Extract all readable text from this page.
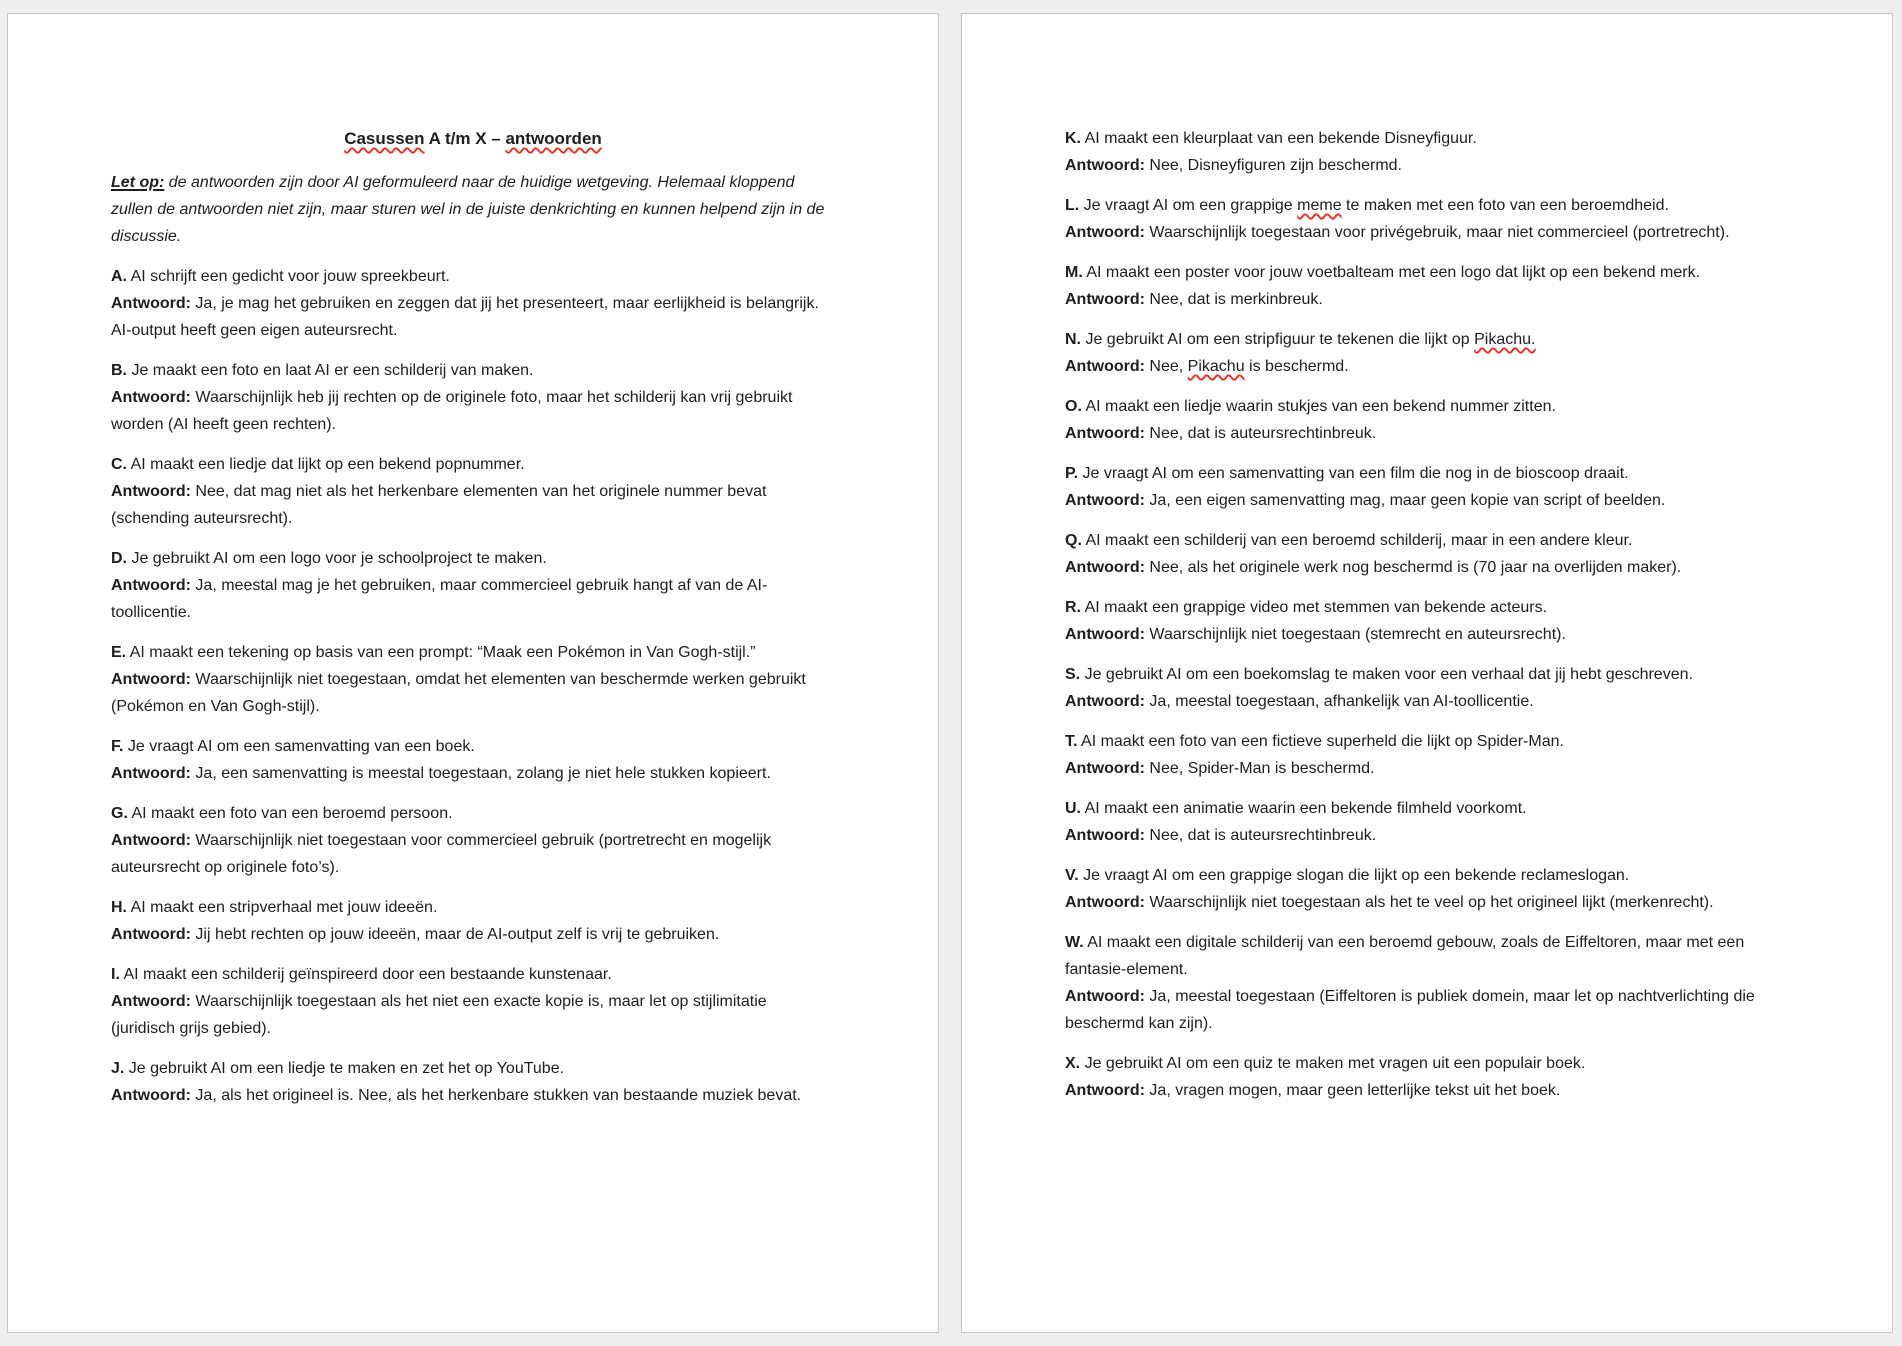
Casussen A t/m X – antwoorden

Let op: de antwoorden zijn door AI geformuleerd naar de huidige wetgeving. Helemaal kloppend zullen de antwoorden niet zijn, maar sturen wel in de juiste denkrichting en kunnen helpend zijn in de discussie.

A. AI schrijft een gedicht voor jouw spreekbeurt.

Antwoord: Ja, je mag het gebruiken en zeggen dat jij het presenteert, maar eerlijkheid is belangrijk. AI-output heeft geen eigen auteursrecht.

B. Je maakt een foto en laat AI er een schilderij van maken.

Antwoord: Waarschijnlijk heb jij rechten op de originele foto, maar het schilderij kan vrij gebruikt worden (AI heeft geen rechten).

C. AI maakt een liedje dat lijkt op een bekend popnummer.

Antwoord: Nee, dat mag niet als het herkenbare elementen van het originele nummer bevat (schending auteursrecht).

D. Je gebruikt AI om een logo voor je schoolproject te maken.

Antwoord: Ja, meestal mag je het gebruiken, maar commercieel gebruik hangt af van de AI-toollicentie.

E. AI maakt een tekening op basis van een prompt: “Maak een Pokémon in Van Gogh-stijl.”

Antwoord: Waarschijnlijk niet toegestaan, omdat het elementen van beschermde werken gebruikt (Pokémon en Van Gogh-stijl).

F. Je vraagt AI om een samenvatting van een boek.

Antwoord: Ja, een samenvatting is meestal toegestaan, zolang je niet hele stukken kopieert.

G. AI maakt een foto van een beroemd persoon.

Antwoord: Waarschijnlijk niet toegestaan voor commercieel gebruik (portretrecht en mogelijk auteursrecht op originele foto’s).

H. AI maakt een stripverhaal met jouw ideeën.

Antwoord: Jij hebt rechten op jouw ideeën, maar de AI-output zelf is vrij te gebruiken.

I. AI maakt een schilderij geïnspireerd door een bestaande kunstenaar.

Antwoord: Waarschijnlijk toegestaan als het niet een exacte kopie is, maar let op stijlimitatie (juridisch grijs gebied).

J. Je gebruikt AI om een liedje te maken en zet het op YouTube.

Antwoord: Ja, als het origineel is. Nee, als het herkenbare stukken van bestaande muziek bevat.

K. AI maakt een kleurplaat van een bekende Disneyfiguur.

Antwoord: Nee, Disneyfiguren zijn beschermd.

L. Je vraagt AI om een grappige meme te maken met een foto van een beroemdheid.

Antwoord: Waarschijnlijk toegestaan voor privégebruik, maar niet commercieel (portretrecht).

M. AI maakt een poster voor jouw voetbalteam met een logo dat lijkt op een bekend merk.

Antwoord: Nee, dat is merkinbreuk.

N. Je gebruikt AI om een stripfiguur te tekenen die lijkt op Pikachu.

Antwoord: Nee, Pikachu is beschermd.

O. AI maakt een liedje waarin stukjes van een bekend nummer zitten.

Antwoord: Nee, dat is auteursrechtinbreuk.

P. Je vraagt AI om een samenvatting van een film die nog in de bioscoop draait.

Antwoord: Ja, een eigen samenvatting mag, maar geen kopie van script of beelden.

Q. AI maakt een schilderij van een beroemd schilderij, maar in een andere kleur.

Antwoord: Nee, als het originele werk nog beschermd is (70 jaar na overlijden maker).

R. AI maakt een grappige video met stemmen van bekende acteurs.

Antwoord: Waarschijnlijk niet toegestaan (stemrecht en auteursrecht).

S. Je gebruikt AI om een boekomslag te maken voor een verhaal dat jij hebt geschreven.

Antwoord: Ja, meestal toegestaan, afhankelijk van AI-toollicentie.

T. AI maakt een foto van een fictieve superheld die lijkt op Spider-Man.

Antwoord: Nee, Spider-Man is beschermd.

U. AI maakt een animatie waarin een bekende filmheld voorkomt.

Antwoord: Nee, dat is auteursrechtinbreuk.

V. Je vraagt AI om een grappige slogan die lijkt op een bekende reclameslogan.

Antwoord: Waarschijnlijk niet toegestaan als het te veel op het origineel lijkt (merkenrecht).

W. AI maakt een digitale schilderij van een beroemd gebouw, zoals de Eiffeltoren, maar met een fantasie-element.

Antwoord: Ja, meestal toegestaan (Eiffeltoren is publiek domein, maar let op nachtverlichting die beschermd kan zijn).

X. Je gebruikt AI om een quiz te maken met vragen uit een populair boek.

Antwoord: Ja, vragen mogen, maar geen letterlijke tekst uit het boek.
